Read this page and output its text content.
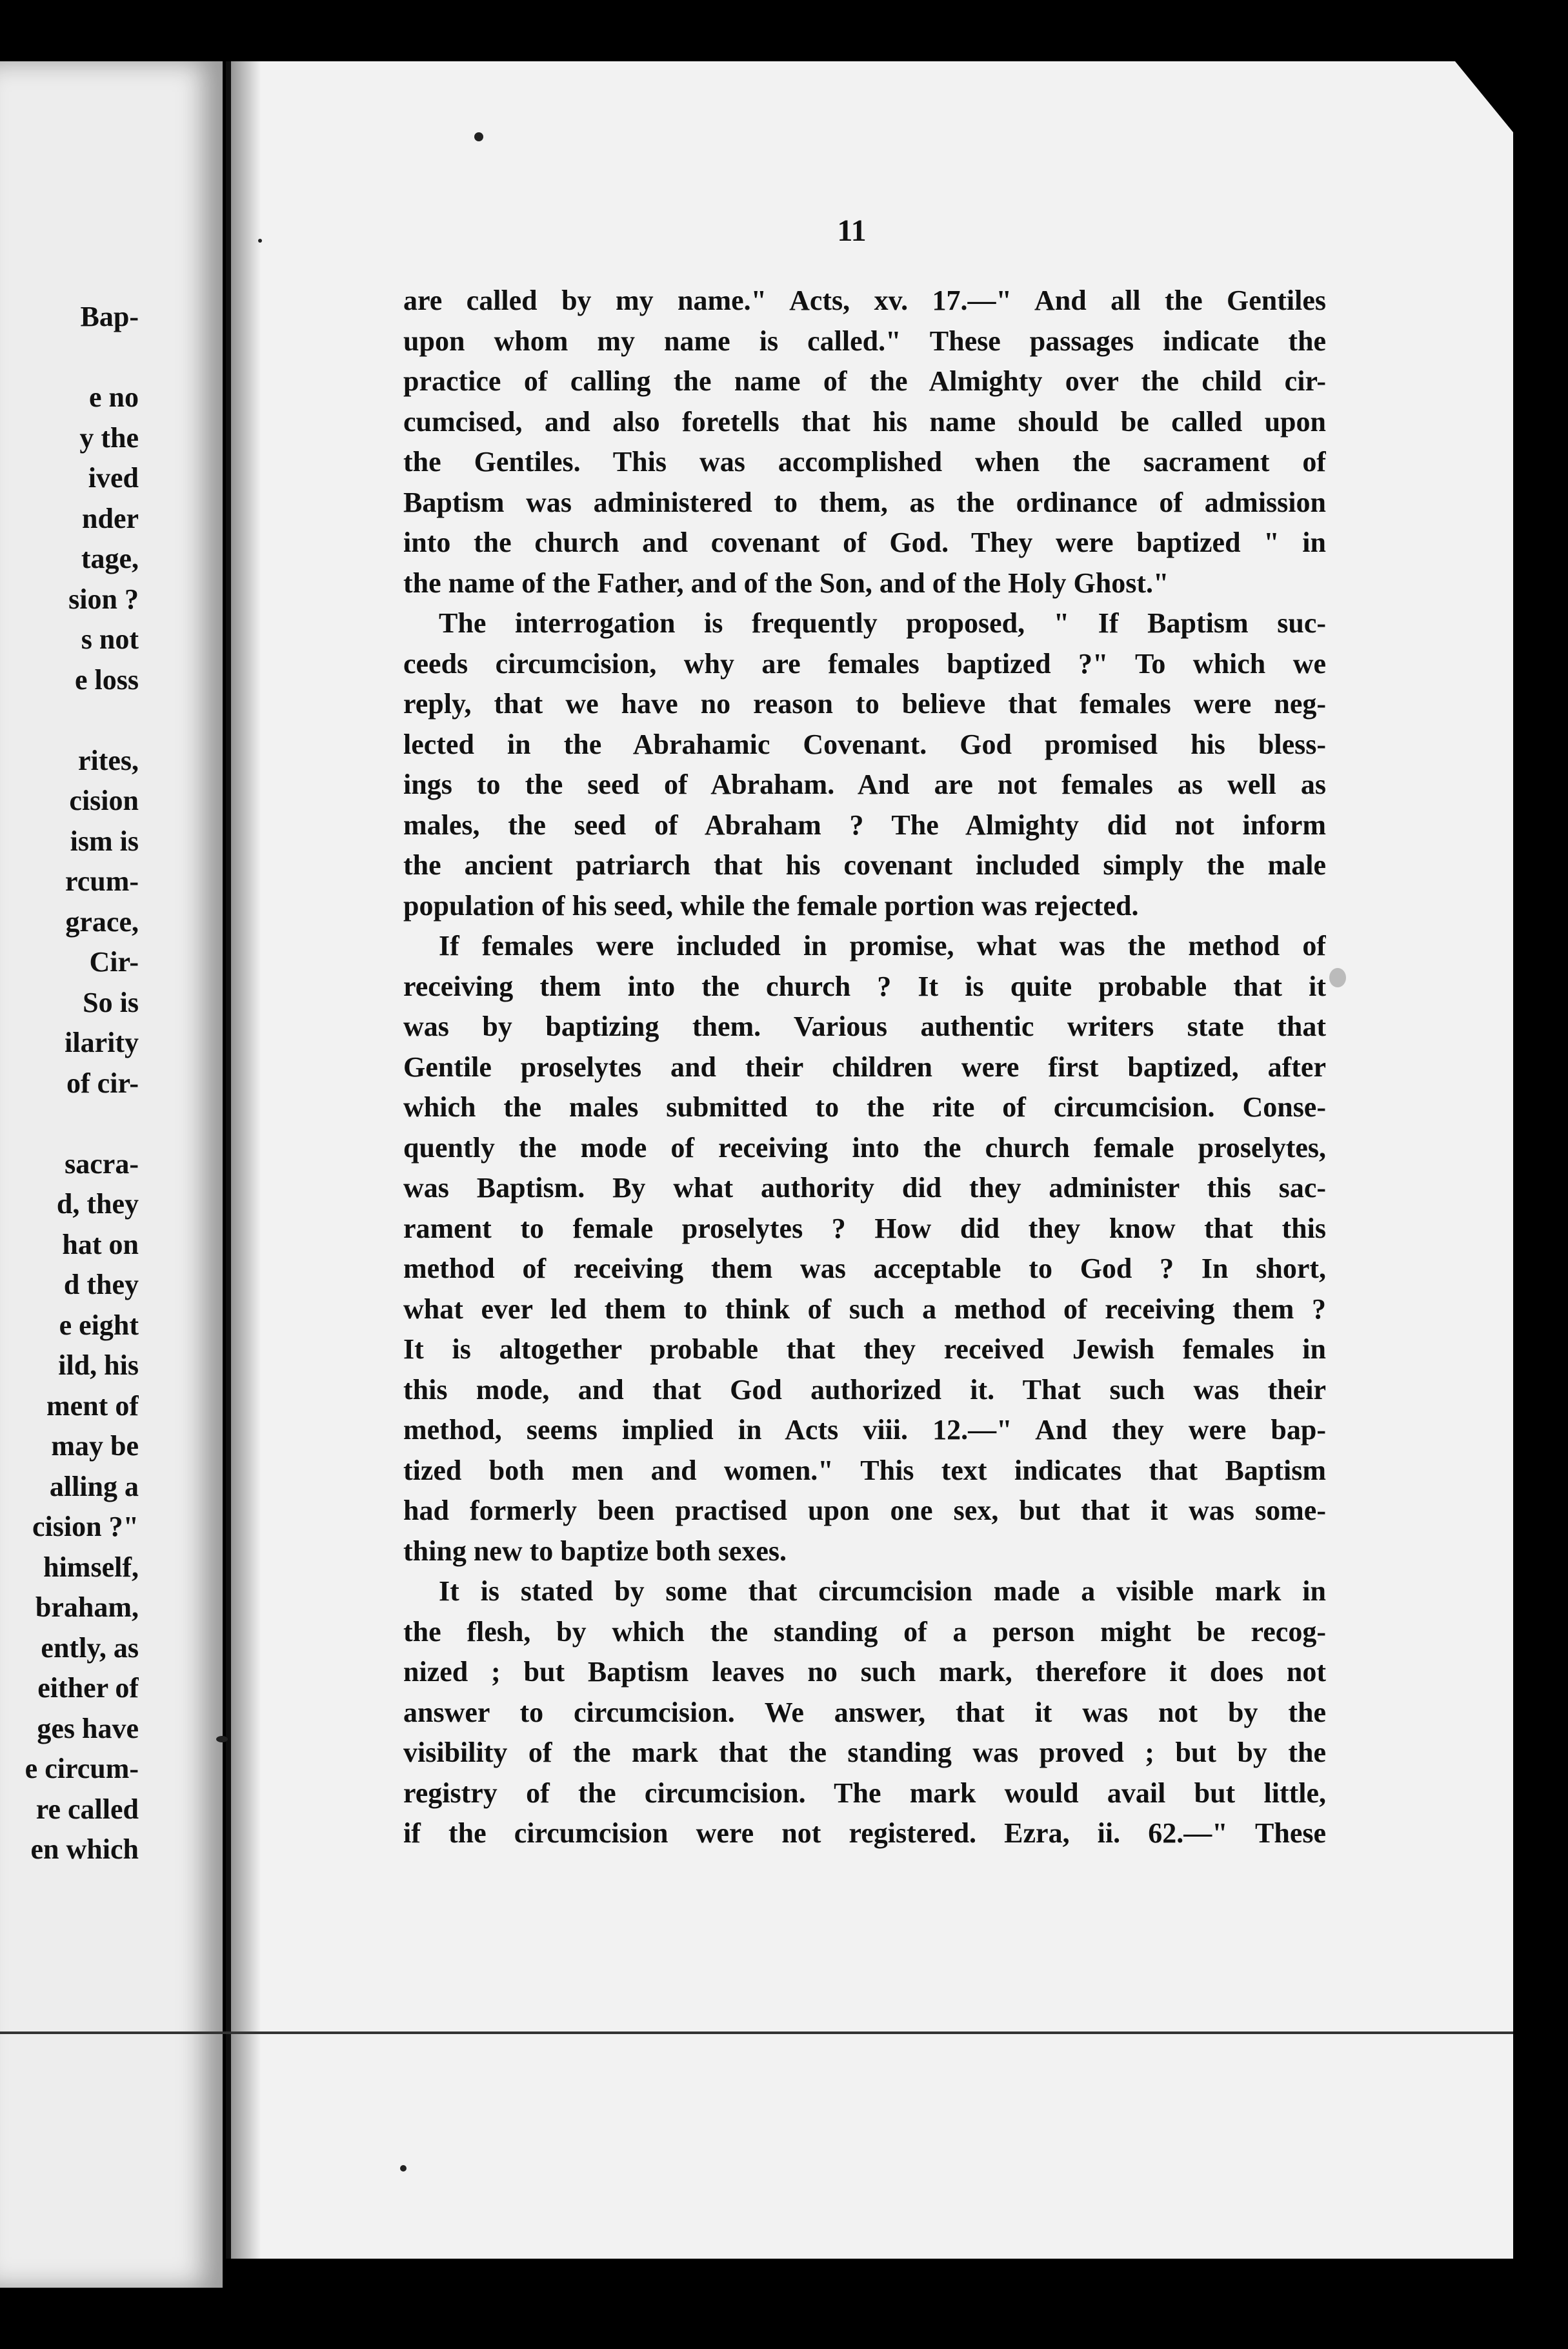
Bap-
e no
y the
ived
nder
tage,
sion ?
s not
e loss
rites,
cision
ism is
rcum-
grace,
Cir-
So is
ilarity
of cir-
sacra-
d, they
hat on
d they
e eight
ild, his
ment of
may be
alling a
cision ?"
himself,
braham,
ently, as
either of
ges have
e circum-
re called
en which
11
are called by my name." Acts, xv. 17.—" And all the Gentiles
upon whom my name is called." These passages indicate the
practice of calling the name of the Almighty over the child cir-
cumcised, and also foretells that his name should be called upon
the Gentiles. This was accomplished when the sacrament of
Baptism was administered to them, as the ordinance of admission
into the church and covenant of God. They were baptized " in
the name of the Father, and of the Son, and of the Holy Ghost."
The interrogation is frequently proposed, " If Baptism suc-
ceeds circumcision, why are females baptized ?" To which we
reply, that we have no reason to believe that females were neg-
lected in the Abrahamic Covenant. God promised his bless-
ings to the seed of Abraham. And are not females as well as
males, the seed of Abraham ? The Almighty did not inform
the ancient patriarch that his covenant included simply the male
population of his seed, while the female portion was rejected.
If females were included in promise, what was the method of
receiving them into the church ? It is quite probable that it
was by baptizing them. Various authentic writers state that
Gentile proselytes and their children were first baptized, after
which the males submitted to the rite of circumcision. Conse-
quently the mode of receiving into the church female proselytes,
was Baptism. By what authority did they administer this sac-
rament to female proselytes ? How did they know that this
method of receiving them was acceptable to God ? In short,
what ever led them to think of such a method of receiving them ?
It is altogether probable that they received Jewish females in
this mode, and that God authorized it. That such was their
method, seems implied in Acts viii. 12.—" And they were bap-
tized both men and women." This text indicates that Baptism
had formerly been practised upon one sex, but that it was some-
thing new to baptize both sexes.
It is stated by some that circumcision made a visible mark in
the flesh, by which the standing of a person might be recog-
nized ; but Baptism leaves no such mark, therefore it does not
answer to circumcision. We answer, that it was not by the
visibility of the mark that the standing was proved ; but by the
registry of the circumcision. The mark would avail but little,
if the circumcision were not registered. Ezra, ii. 62.—" These
